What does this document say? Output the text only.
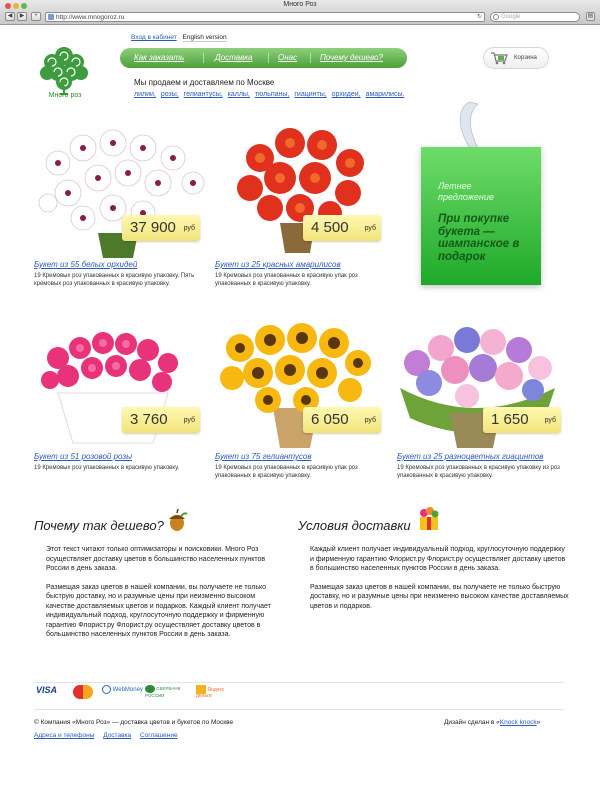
Много Роз
◀	▶	+	http://www.mnogoroz.ru	↻	Google	▤
Много роз
Вход в кабинет English version
Как заказать	Доставка	Онас	Почему дешево?	Корзина
Мы продаем и доставляем по Москве
лилии, розы, гелиантусы, каллы, тюльпаны, гиацинты, орхидеи, амарилисы.
37 900 руб
Букет из 55 белых орхидей
19 Кремовых роз упакованных в красивую упаковку. Пять кремовых роз упакованных в красивую упаковку.
4 500 руб
Букет из 25 красных амарилисов
19 Кремовых роз упакованных в красивую упак роз упакованных в красивую упаковку.
Летнее предложение
При покупке букета — шампанское в подарок
3 760 руб
Букет из 51 розовой розы
19 Кремовых роз упакованных в красивую упаковку.
6 050 руб
Букет из 75 гелиантусов
19 Кремовых роз упакованных в красивую упак роз упакованных в красивую упаковку.
1 650 руб
Букет из 25 разноцветных гиацинтов
19 Кремовых роз упакованных в красивую упаковку из роз упакованных в красивую упаковку.
Почему так дешево?

Этот текст читают только оптимизаторы и поисковики. Много Роз осуществляет доставку цветов в большинство населенных пунктов России в день заказа.

Размещая заказ цветов в нашей компании, вы получаете не только быструю доставку, но и разумные цены при неизменно высоком качестве доставляемых цветов и подарков. Каждый клиент получает индивидуальный подход, круглосуточную поддержку и фирменную гарантию Флорист.ру Флорист.ру осуществляет доставку цветов в большинство населенных пунктов России в день заказа.

Условия доставки

Каждый клиент получает индивидуальный подход, круглосуточную поддержку и фирменную гарантию Флорист.ру Флорист.ру осуществляет доставку цветов в большинство населенных пунктов России в день заказа.

Размещая заказ цветов в нашей компании, вы получаете не только быструю доставку, но и разумные цены при неизменно высоком качестве доставляемых цветов и подарков.

VISA	WebMoney	СБЕРБАНК РОССИИ
Яндекс деньги
© Компания «Много Роз» — доставка цветов и букетов по Москве	Дизайн сделан в «Knock knock»
Адреса и телефоны Доставка Соглашение
